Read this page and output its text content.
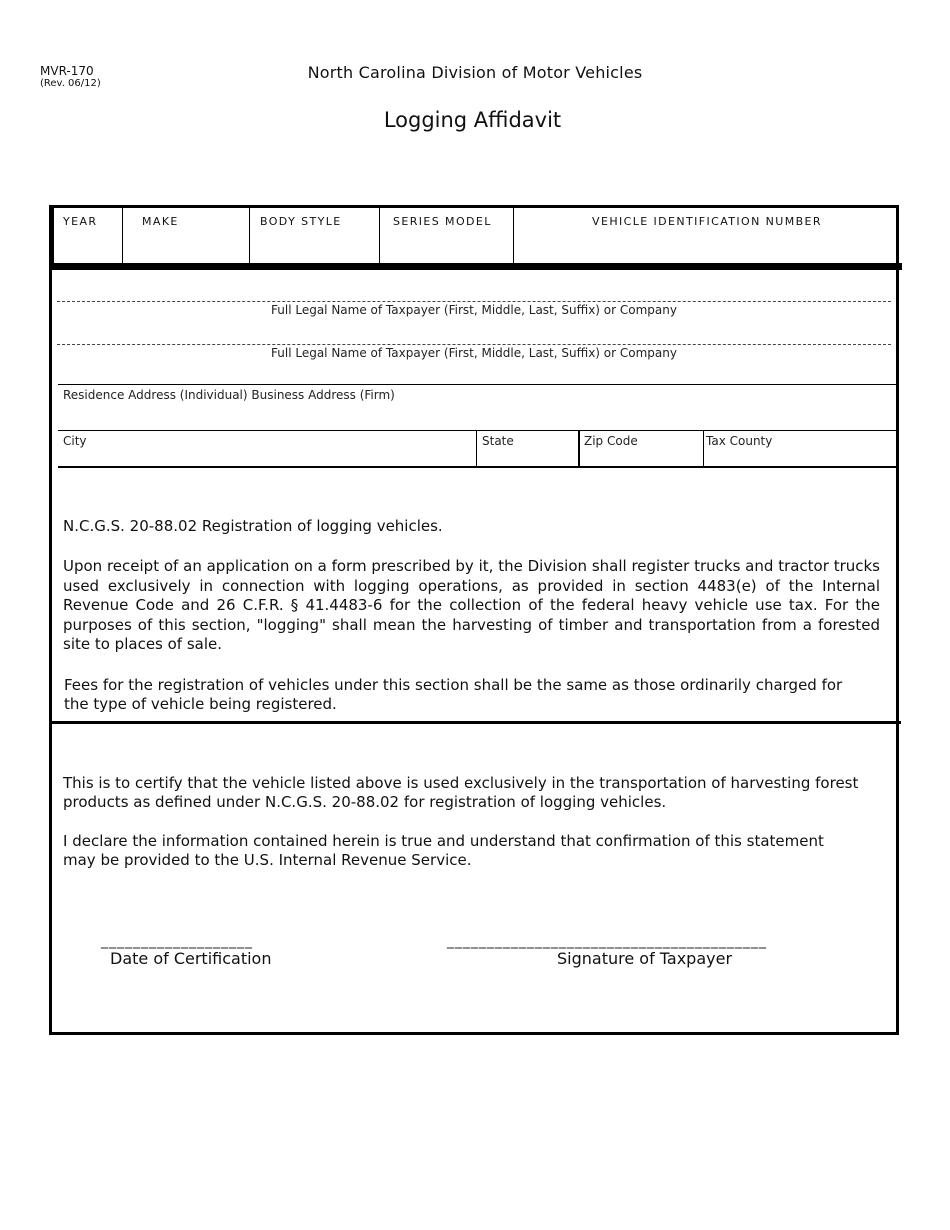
MVR-170
(Rev. 06/12)
North Carolina Division of Motor Vehicles
Logging Affidavit
YEAR	MAKE	BODY STYLE	SERIES MODEL	VEHICLE IDENTIFICATION NUMBER
Full Legal Name of Taxpayer (First, Middle, Last, Suffix) or Company
Full Legal Name of Taxpayer (First, Middle, Last, Suffix) or Company
Residence Address (Individual) Business Address (Firm)
City	State	Zip Code	Tax County
N.C.G.S. 20-88.02 Registration of logging vehicles.
Upon receipt of an application on a form prescribed by it, the Division shall register trucks and tractor trucks used exclusively in connection with logging operations, as provided in section 4483(e) of the Internal Revenue Code and 26 C.F.R. § 41.4483-6 for the collection of the federal heavy vehicle use tax. For the purposes of this section, "logging" shall mean the harvesting of timber and transportation from a forested site to places of sale.
Fees for the registration of vehicles under this section shall be the same as those ordinarily charged for
the type of vehicle being registered.
This is to certify that the vehicle listed above is used exclusively in the transportation of harvesting forest
products as defined under N.C.G.S. 20-88.02 for registration of logging vehicles.
I declare the information contained herein is true and understand that confirmation of this statement
may be provided to the U.S. Internal Revenue Service.
___________________	________________________________________
Date of Certification	Signature of Taxpayer
